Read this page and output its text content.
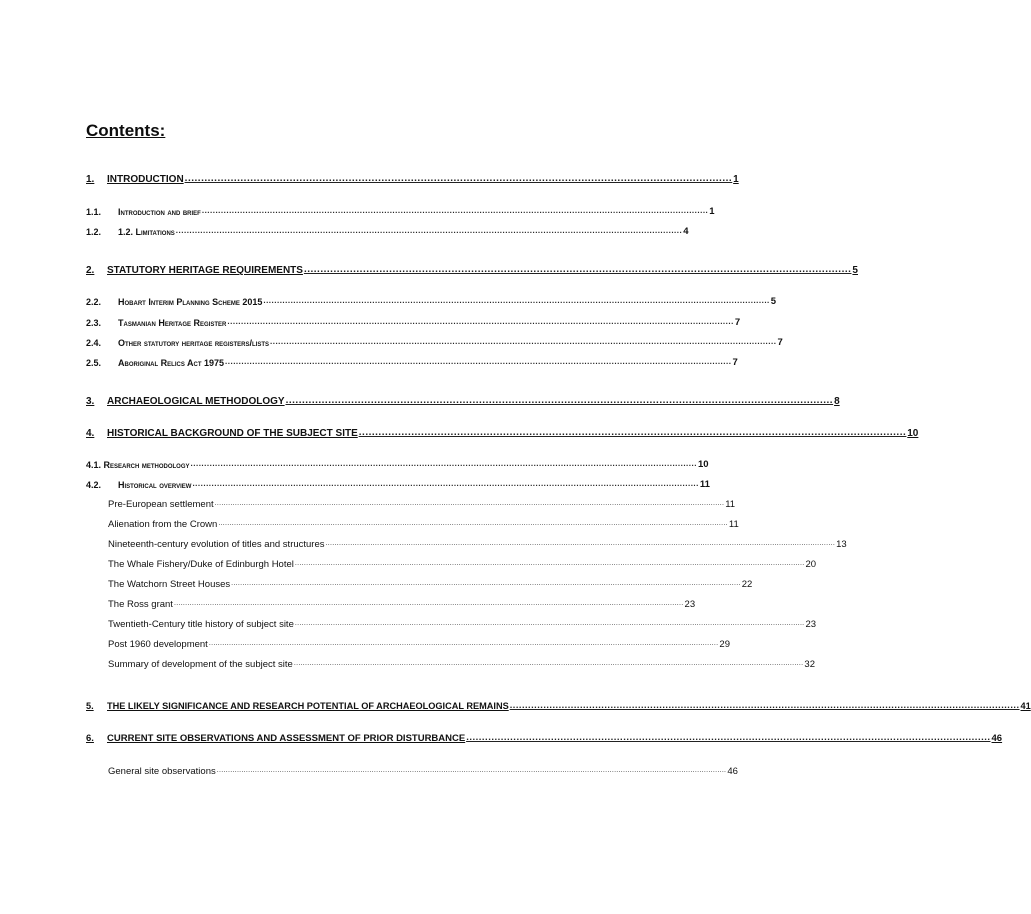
Contents:
1.	INTRODUCTION ....................................................................................................................................................................... 1
1.1.	Introduction and brief .......................................................................................................................................................................................... 1
1.2.	1.2. Limitations .......................................................................................................................................................................................... 4
2.	STATUTORY HERITAGE REQUIREMENTS ....................................................................................................................................................................... 5
2.2.	Hobart Interim Planning Scheme 2015 .......................................................................................................................................................................................... 5
2.3.	Tasmanian Heritage Register .......................................................................................................................................................................................... 7
2.4.	Other statutory heritage registers/lists .......................................................................................................................................................................................... 7
2.5.	Aboriginal Relics Act 1975 .......................................................................................................................................................................................... 7
3.	ARCHAEOLOGICAL METHODOLOGY ....................................................................................................................................................................... 8
4.	HISTORICAL BACKGROUND OF THE SUBJECT SITE ....................................................................................................................................................................... 10
4.1. Research methodology .......................................................................................................................................................................................... 10
4.2.	Historical overview .......................................................................................................................................................................................... 11
Pre-European settlement ................................................................................................................................................................................................................................... 11
Alienation from the Crown ................................................................................................................................................................................................................................... 11
Nineteenth-century evolution of titles and structures ................................................................................................................................................................................................................................... 13
The Whale Fishery/Duke of Edinburgh Hotel ................................................................................................................................................................................................................................... 20
The Watchorn Street Houses ................................................................................................................................................................................................................................... 22
The Ross grant ................................................................................................................................................................................................................................... 23
Twentieth-Century title history of subject site ................................................................................................................................................................................................................................... 23
Post 1960 development ................................................................................................................................................................................................................................... 29
Summary of development of the subject site ................................................................................................................................................................................................................................... 32
5.	THE LIKELY SIGNIFICANCE AND RESEARCH POTENTIAL OF ARCHAEOLOGICAL REMAINS ....................................................................................................................................................................... 41
6.	CURRENT SITE OBSERVATIONS AND ASSESSMENT OF PRIOR DISTURBANCE ....................................................................................................................................................................... 46
General site observations ................................................................................................................................................................................................................................... 46
